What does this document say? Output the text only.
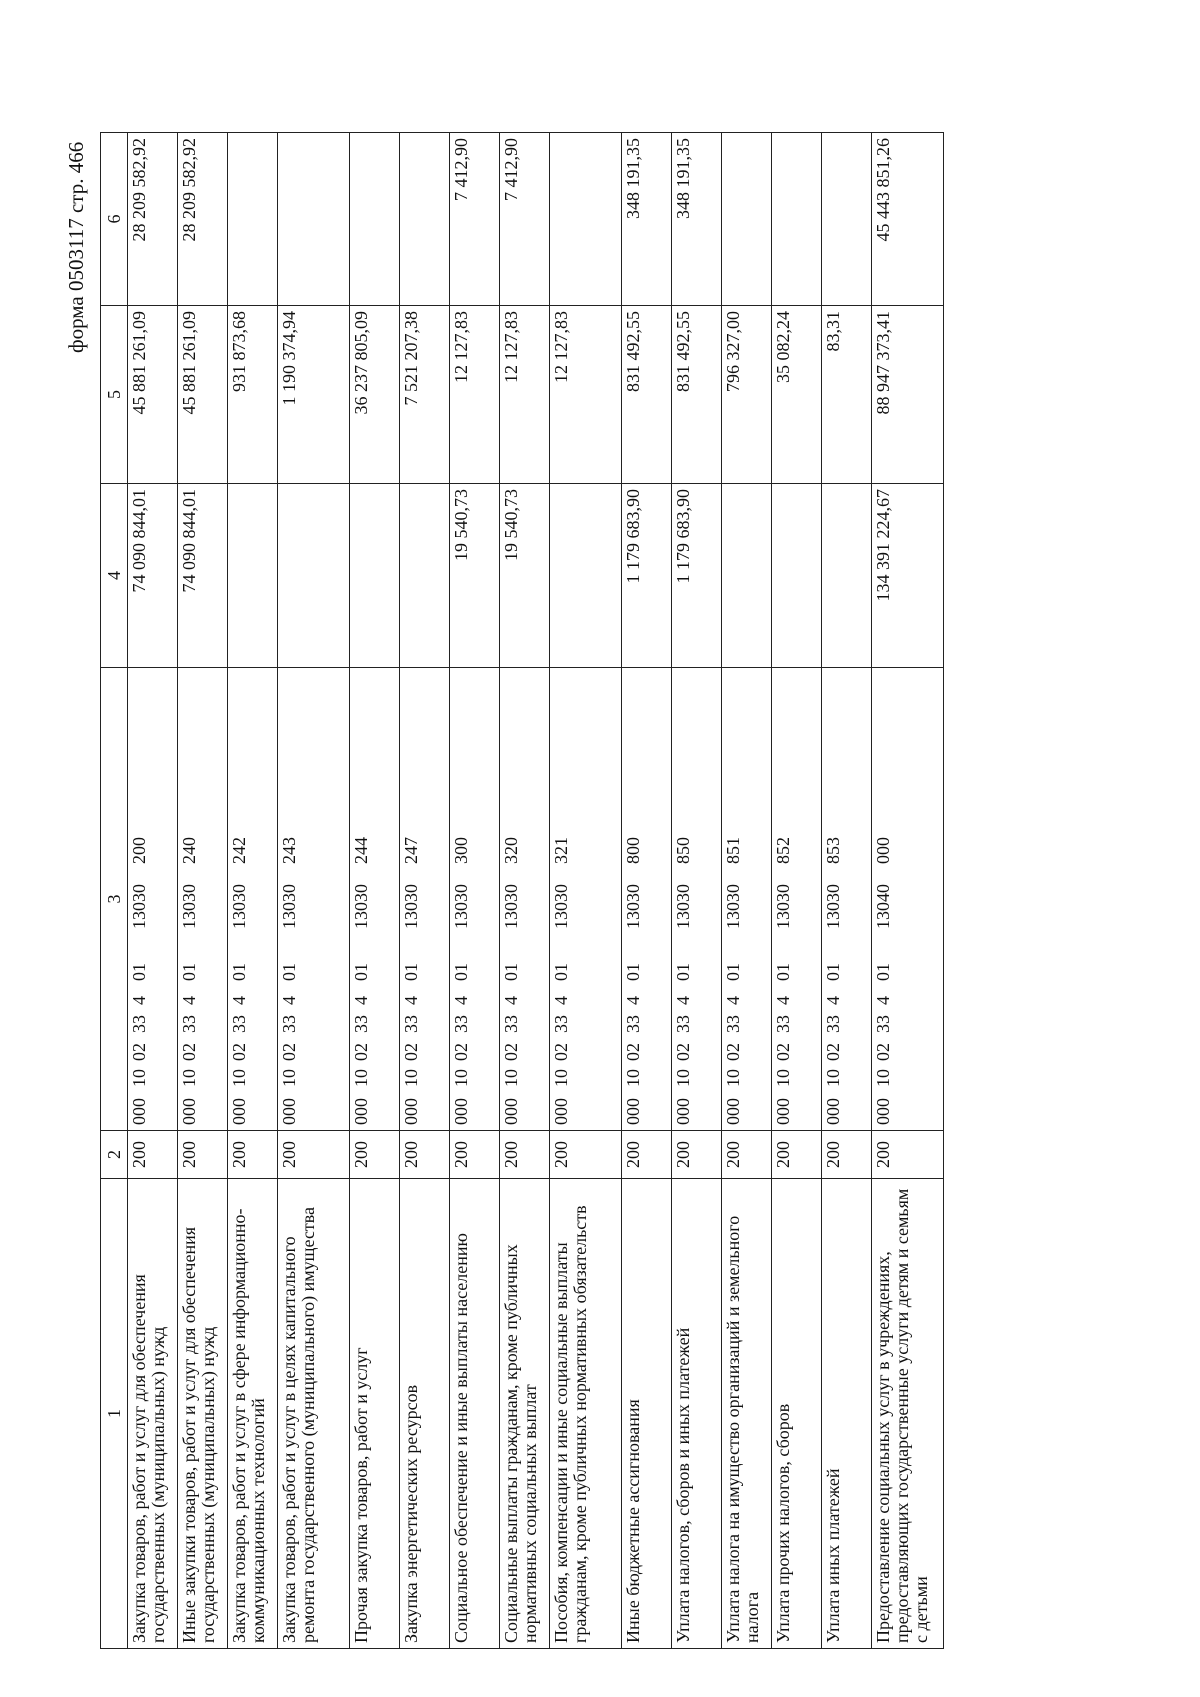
форма 0503117 стр. 466
1	2	3	4	5	6
Закупка товаров, работ и услуг для обеспечения государственных (муниципальных) нужд	200	00010023340113030200	74 090 844,01	45 881 261,09	28 209 582,92
Иные закупки товаров, работ и услуг для обеспечения государственных (муниципальных) нужд	200	00010023340113030240	74 090 844,01	45 881 261,09	28 209 582,92
Закупка товаров, работ и услуг в сфере информационно-коммуникационных технологий	200	00010023340113030242		931 873,68	
Закупка товаров, работ и услуг в целях капитального ремонта государственного (муниципального) имущества	200	00010023340113030243		1 190 374,94	
Прочая закупка товаров, работ и услуг	200	00010023340113030244		36 237 805,09	
Закупка энергетических ресурсов	200	00010023340113030247		7 521 207,38	
Социальное обеспечение и иные выплаты населению	200	00010023340113030300	19 540,73	12 127,83	7 412,90
Социальные выплаты гражданам, кроме публичных нормативных социальных выплат	200	00010023340113030320	19 540,73	12 127,83	7 412,90
Пособия, компенсации и иные социальные выплаты гражданам, кроме публичных нормативных обязательств	200	00010023340113030321		12 127,83	
Иные бюджетные ассигнования	200	00010023340113030800	1 179 683,90	831 492,55	348 191,35
Уплата налогов, сборов и иных платежей	200	00010023340113030850	1 179 683,90	831 492,55	348 191,35
Уплата налога на имущество организаций и земельного налога	200	00010023340113030851		796 327,00	
Уплата прочих налогов, сборов	200	00010023340113030852		35 082,24	
Уплата иных платежей	200	00010023340113030853		83,31	
Предоставление социальных услуг в учреждениях, предоставляющих государственные услуги детям и семьям с детьми	200	00010023340113040000	134 391 224,67	88 947 373,41	45 443 851,26
